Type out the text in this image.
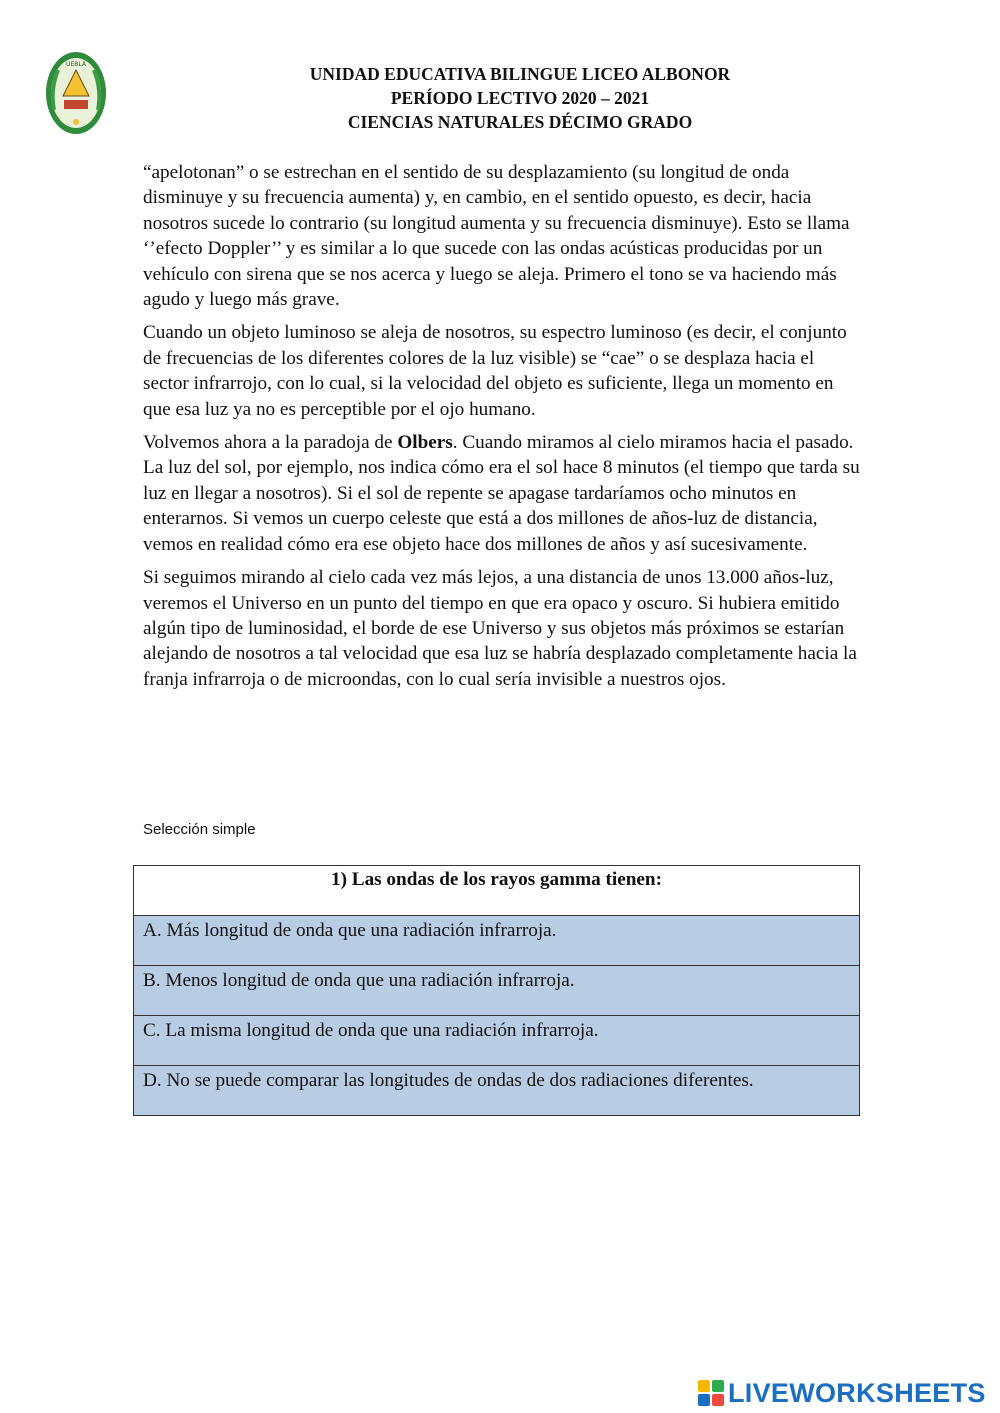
UEBLA	UNIDAD EDUCATIVA BILINGUE LICEO ALBONOR
PERÍODO LECTIVO 2020 – 2021
CIENCIAS NATURALES DÉCIMO GRADO

“apelotonan” o se estrechan en el sentido de su desplazamiento (su longitud de onda disminuye y su frecuencia aumenta) y, en cambio, en el sentido opuesto, es decir, hacia nosotros sucede lo contrario (su longitud aumenta y su frecuencia disminuye). Esto se llama ‘’efecto Doppler’’ y es similar a lo que sucede con las ondas acústicas producidas por un vehículo con sirena que se nos acerca y luego se aleja. Primero el tono se va haciendo más agudo y luego más grave.

Cuando un objeto luminoso se aleja de nosotros, su espectro luminoso (es decir, el conjunto de frecuencias de los diferentes colores de la luz visible) se “cae” o se desplaza hacia el sector infrarrojo, con lo cual, si la velocidad del objeto es suficiente, llega un momento en que esa luz ya no es perceptible por el ojo humano.

Volvemos ahora a la paradoja de Olbers. Cuando miramos al cielo miramos hacia el pasado. La luz del sol, por ejemplo, nos indica cómo era el sol hace 8 minutos (el tiempo que tarda su luz en llegar a nosotros). Si el sol de repente se apagase tardaríamos ocho minutos en enterarnos. Si vemos un cuerpo celeste que está a dos millones de años-luz de distancia, vemos en realidad cómo era ese objeto hace dos millones de años y así sucesivamente.

Si seguimos mirando al cielo cada vez más lejos, a una distancia de unos 13.000 años-luz, veremos el Universo en un punto del tiempo en que era opaco y oscuro. Si hubiera emitido algún tipo de luminosidad, el borde de ese Universo y sus objetos más próximos se estarían alejando de nosotros a tal velocidad que esa luz se habría desplazado completamente hacia la franja infrarroja o de microondas, con lo cual sería invisible a nuestros ojos.

Selección simple
1) Las ondas de los rayos gamma tienen:
A. Más longitud de onda que una radiación infrarroja.
B. Menos longitud de onda que una radiación infrarroja.
C. La misma longitud de onda que una radiación infrarroja.
D. No se puede comparar las longitudes de ondas de dos radiaciones diferentes.
LIVEWORKSHEETS
